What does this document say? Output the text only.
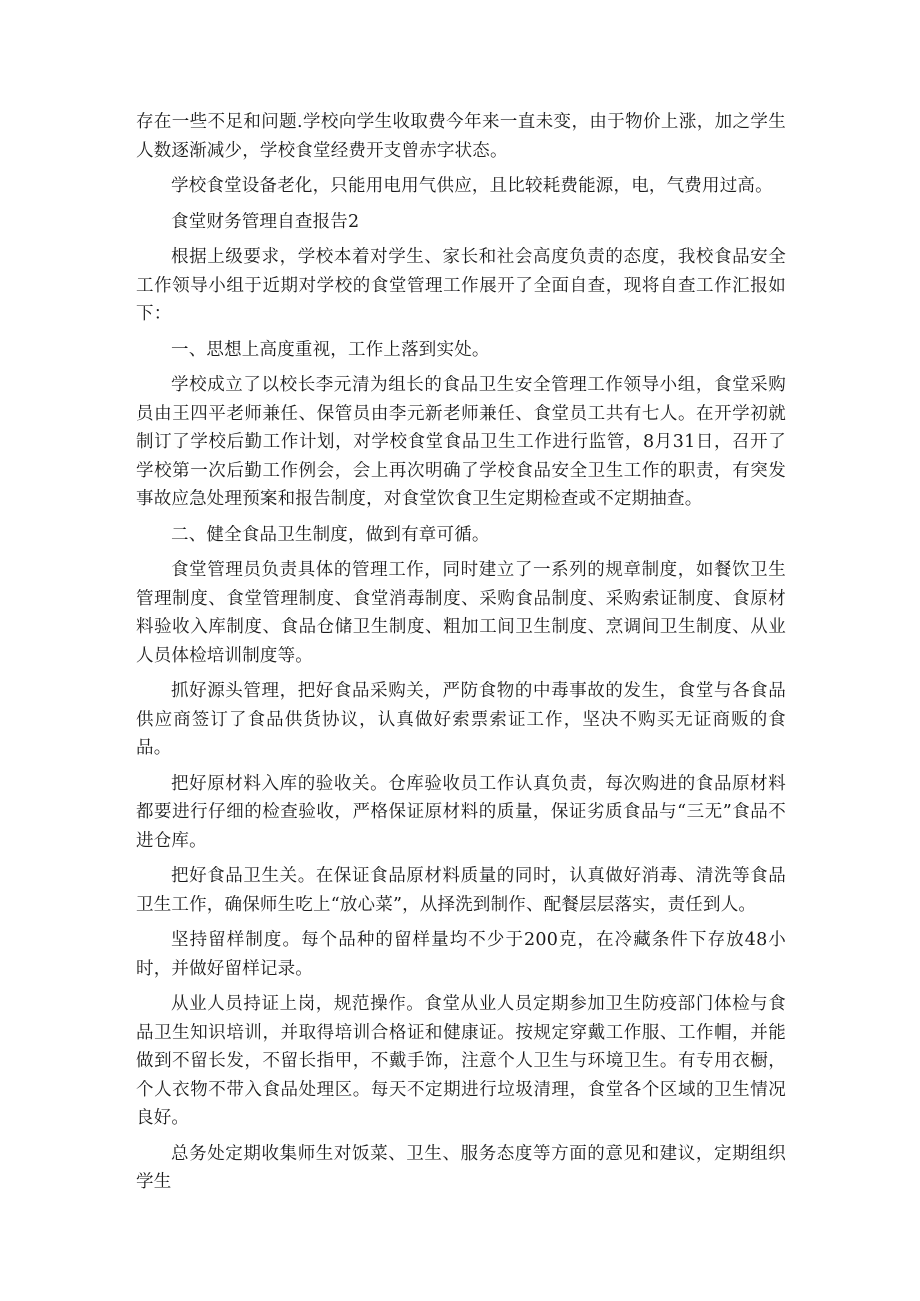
存在一些不足和问题.学校向学生收取费今年来一直未变，由于物价上涨，加之学生人数逐渐减少，学校食堂经费开支曾赤字状态。

学校食堂设备老化，只能用电用气供应，且比较耗费能源，电，气费用过高。

食堂财务管理自查报告2

根据上级要求，学校本着对学生、家长和社会高度负责的态度，我校食品安全工作领导小组于近期对学校的食堂管理工作展开了全面自查，现将自查工作汇报如下：

一、思想上高度重视，工作上落到实处。

学校成立了以校长李元清为组长的食品卫生安全管理工作领导小组，食堂采购员由王四平老师兼任、保管员由李元新老师兼任、食堂员工共有七人。在开学初就制订了学校后勤工作计划，对学校食堂食品卫生工作进行监管，8月31日，召开了学校第一次后勤工作例会，会上再次明确了学校食品安全卫生工作的职责，有突发事故应急处理预案和报告制度，对食堂饮食卫生定期检查或不定期抽查。

二、健全食品卫生制度，做到有章可循。

食堂管理员负责具体的管理工作，同时建立了一系列的规章制度，如餐饮卫生管理制度、食堂管理制度、食堂消毒制度、采购食品制度、采购索证制度、食原材料验收入库制度、食品仓储卫生制度、粗加工间卫生制度、烹调间卫生制度、从业人员体检培训制度等。

抓好源头管理，把好食品采购关，严防食物的中毒事故的发生，食堂与各食品供应商签订了食品供货协议，认真做好索票索证工作，坚决不购买无证商贩的食品。

把好原材料入库的验收关。仓库验收员工作认真负责，每次购进的食品原材料都要进行仔细的检查验收，严格保证原材料的质量，保证劣质食品与“三无”食品不进仓库。

把好食品卫生关。在保证食品原材料质量的同时，认真做好消毒、清洗等食品卫生工作，确保师生吃上“放心菜”，从择洗到制作、配餐层层落实，责任到人。

坚持留样制度。每个品种的留样量均不少于200克，在冷藏条件下存放48小时，并做好留样记录。

从业人员持证上岗，规范操作。食堂从业人员定期参加卫生防疫部门体检与食品卫生知识培训，并取得培训合格证和健康证。按规定穿戴工作服、工作帽，并能做到不留长发，不留长指甲，不戴手饰，注意个人卫生与环境卫生。有专用衣橱，个人衣物不带入食品处理区。每天不定期进行垃圾清理，食堂各个区域的卫生情况良好。

总务处定期收集师生对饭菜、卫生、服务态度等方面的意见和建议，定期组织学生
